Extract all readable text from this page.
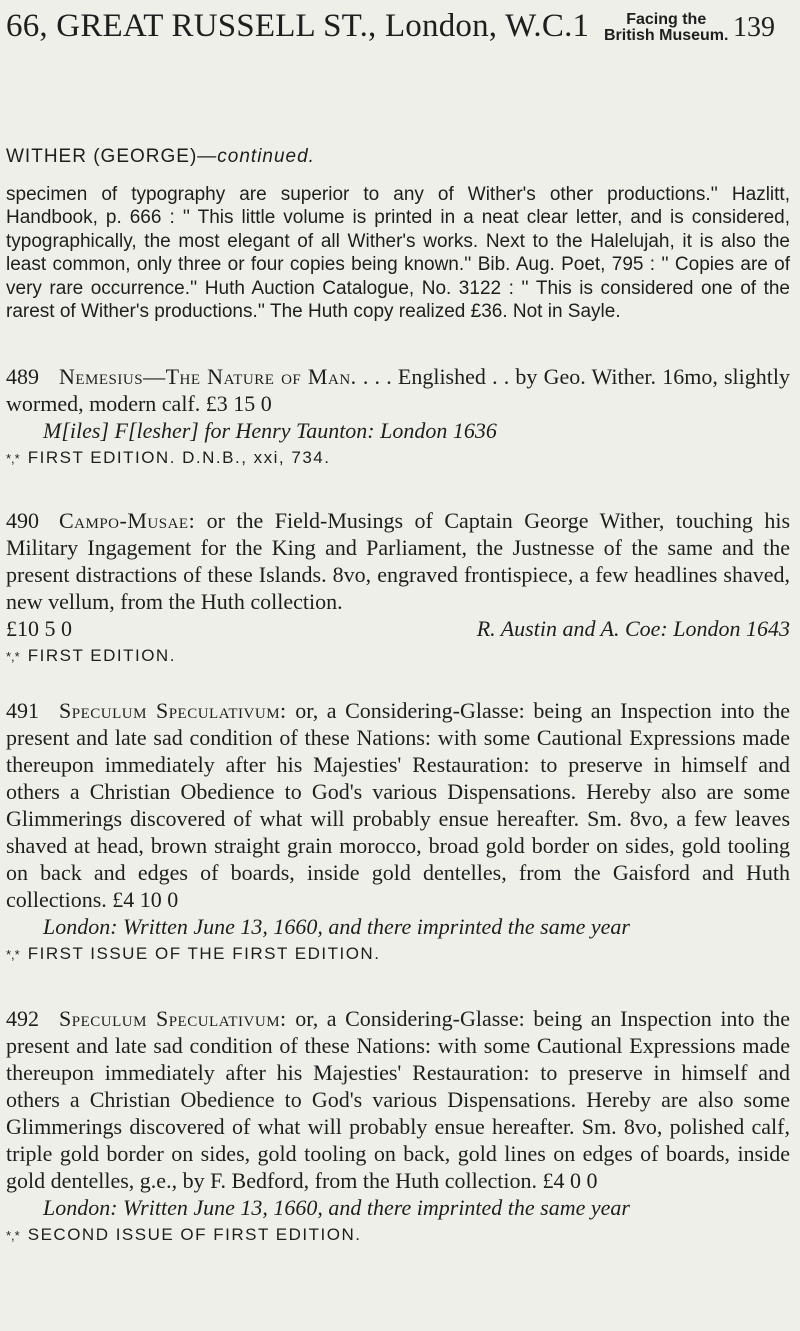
66, GREAT RUSSELL ST., London, W.C.1	Facing the
British Museum. 139

WITHER (GEORGE)—continued.

specimen of typography are superior to any of Wither's other productions.'' Hazlitt, Handbook, p. 666 : '' This little volume is printed in a neat clear letter, and is considered, typographically, the most elegant of all Wither's works. Next to the Halelujah, it is also the least common, only three or four copies being known.'' Bib. Aug. Poet, 795 : '' Copies are of very rare occurrence.'' Huth Auction Catalogue, No. 3122 : '' This is considered one of the rarest of Wither's productions.'' The Huth copy realized £36. Not in Sayle.

489 Nemesius—The Nature of Man. . . . Englished . . by Geo. Wither. 16mo, slightly wormed, modern calf. £3 15 0

M[iles] F[lesher] for Henry Taunton: London 1636

*,* FIRST EDITION. D.N.B., xxi, 734.

490 Campo-Musae: or the Field-Musings of Captain George Wither, touching his Military Ingagement for the King and Parliament, the Justnesse of the same and the present distractions of these Islands. 8vo, engraved frontispiece, a few headlines shaved, new vellum, from the Huth collection.

£10 5 0	R. Austin and A. Coe: London 1643

*,* FIRST EDITION.

491 Speculum Speculativum: or, a Considering-Glasse: being an Inspection into the present and late sad condition of these Nations: with some Cautional Expressions made thereupon immediately after his Majesties' Restauration: to preserve in himself and others a Christian Obedience to God's various Dispensations. Hereby also are some Glimmerings discovered of what will probably ensue hereafter. Sm. 8vo, a few leaves shaved at head, brown straight grain morocco, broad gold border on sides, gold tooling on back and edges of boards, inside gold dentelles, from the Gaisford and Huth collections. £4 10 0

London: Written June 13, 1660, and there imprinted the same year

*,* FIRST ISSUE OF THE FIRST EDITION.

492 Speculum Speculativum: or, a Considering-Glasse: being an Inspection into the present and late sad condition of these Nations: with some Cautional Expressions made thereupon immediately after his Majesties' Restauration: to preserve in himself and others a Christian Obedience to God's various Dispensations. Hereby are also some Glimmerings discovered of what will probably ensue hereafter. Sm. 8vo, polished calf, triple gold border on sides, gold tooling on back, gold lines on edges of boards, inside gold dentelles, g.e., by F. Bedford, from the Huth collection. £4 0 0

London: Written June 13, 1660, and there imprinted the same year

*,* SECOND ISSUE OF FIRST EDITION.
